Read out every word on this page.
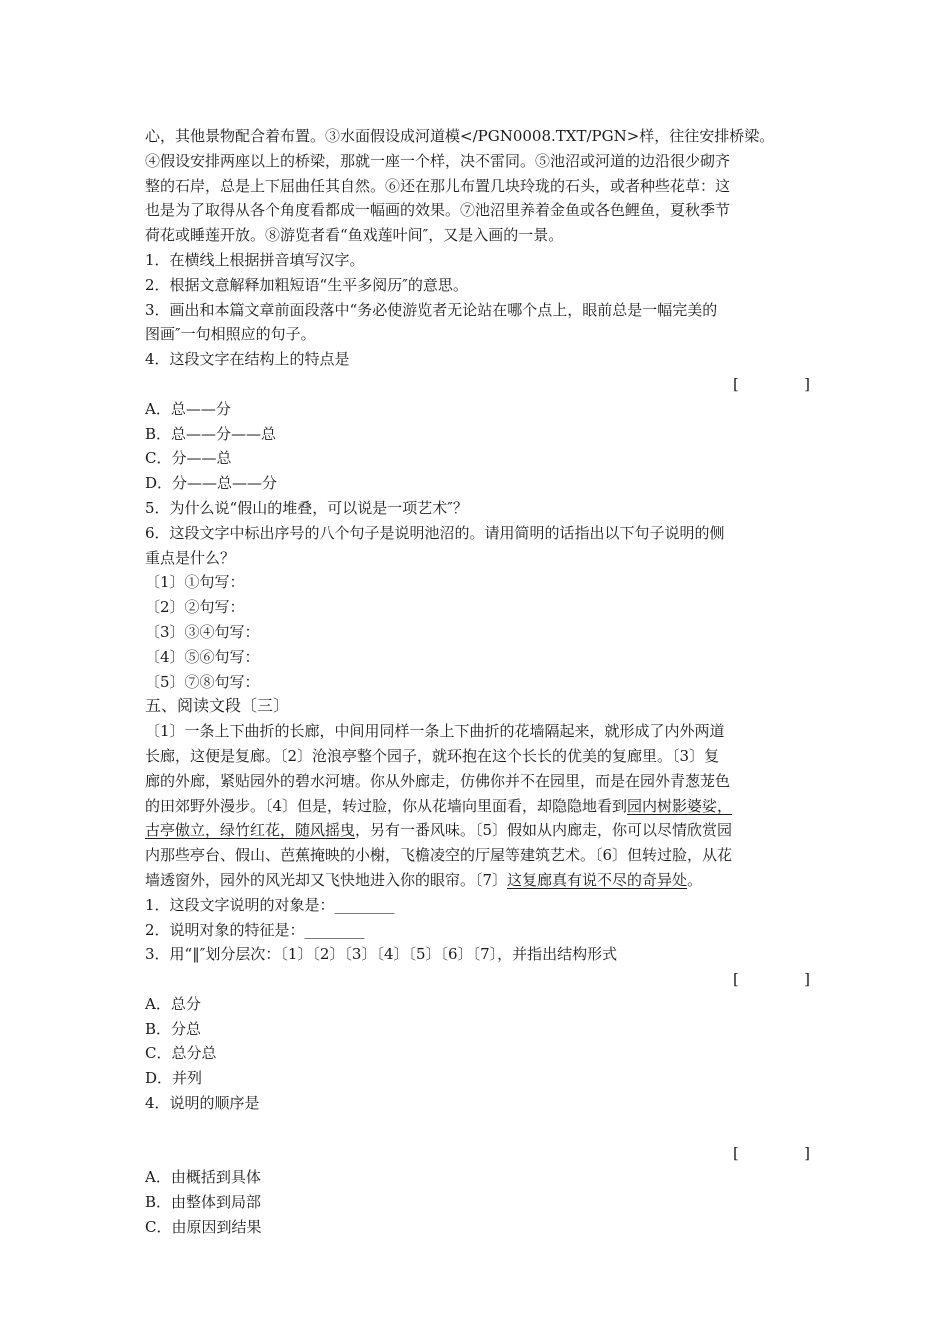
心，其他景物配合着布置。③水面假设成河道模</PGN0008.TXT/PGN>样，往往安排桥梁。
④假设安排两座以上的桥梁，那就一座一个样，决不雷同。⑤池沼或河道的边沿很少砌齐
整的石岸，总是上下屈曲任其自然。⑥还在那儿布置几块玲珑的石头，或者种些花草：这
也是为了取得从各个角度看都成一幅画的效果。⑦池沼里养着金鱼或各色鲤鱼，夏秋季节
荷花或睡莲开放。⑧游览者看“鱼戏莲叶间″，又是入画的一景。
1．在横线上根据拼音填写汉字。
2．根据文意解释加粗短语“生平多阅历″的意思。
3．画出和本篇文章前面段落中“务必使游览者无论站在哪个点上，眼前总是一幅完美的
图画″一句相照应的句子。
4．这段文字在结构上的特点是
[	]
A．总——分
B．总——分——总
C．分——总
D．分——总——分
5．为什么说“假山的堆叠，可以说是一项艺术″？
6．这段文字中标出序号的八个句子是说明池沼的。请用简明的话指出以下句子说明的侧
重点是什么？
〔1〕①句写：
〔2〕②句写：
〔3〕③④句写：
〔4〕⑤⑥句写：
〔5〕⑦⑧句写：
五、阅读文段〔三〕
〔1〕一条上下曲折的长廊，中间用同样一条上下曲折的花墙隔起来，就形成了内外两道
长廊，这便是复廊。〔2〕沧浪亭整个园子，就环抱在这个长长的优美的复廊里。〔3〕复
廊的外廊，紧贴园外的碧水河塘。你从外廊走，仿佛你并不在园里，而是在园外青葱茏色
的田郊野外漫步。〔4〕但是，转过脸，你从花墙向里面看，却隐隐地看到园内树影婆娑，
古亭傲立，绿竹红花，随风摇曳，另有一番风味。〔5〕假如从内廊走，你可以尽情欣赏园
内那些亭台、假山、芭蕉掩映的小榭，飞檐凌空的厅屋等建筑艺术。〔6〕但转过脸，从花
墙透窗外，园外的风光却又飞快地进入你的眼帘。〔7〕这复廊真有说不尽的奇异处。
1．这段文字说明的对象是：________
2．说明对象的特征是：________
3．用“‖″划分层次：〔1〕〔2〕〔3〕〔4〕〔5〕〔6〕〔7〕，并指出结构形式
[	]
A．总分
B．分总
C．总分总
D．并列
4．说明的顺序是
[	]
A．由概括到具体
B．由整体到局部
C．由原因到结果
